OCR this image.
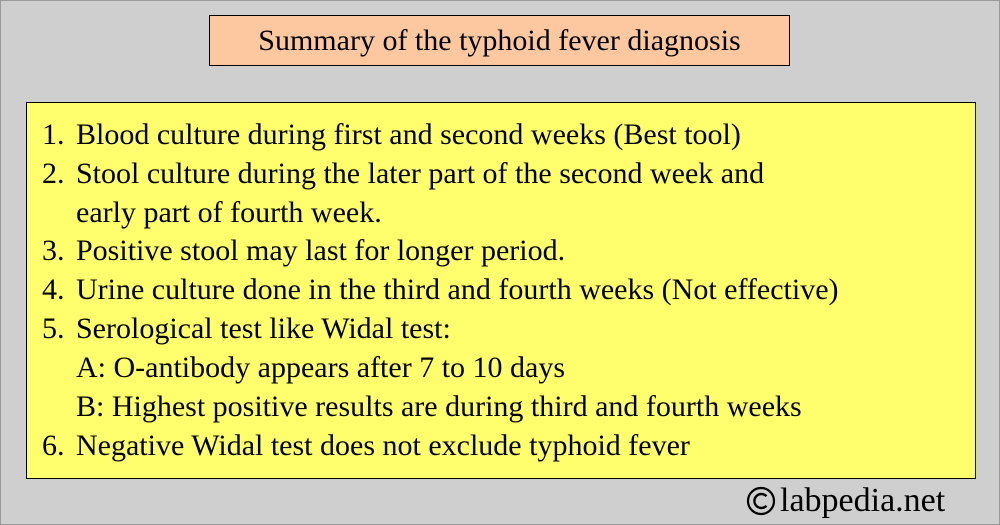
Summary of the typhoid fever diagnosis
1. Blood culture during first and second weeks (Best tool)
2. Stool culture during the later part of the second week and
early part of fourth week.
3. Positive stool may last for longer period.
4. Urine culture done in the third and fourth weeks (Not effective)
5. Serological test like Widal test:
A: O-antibody appears after 7 to 10 days
B: Highest positive results are during third and fourth weeks
6. Negative Widal test does not exclude typhoid fever
labpedia.net
